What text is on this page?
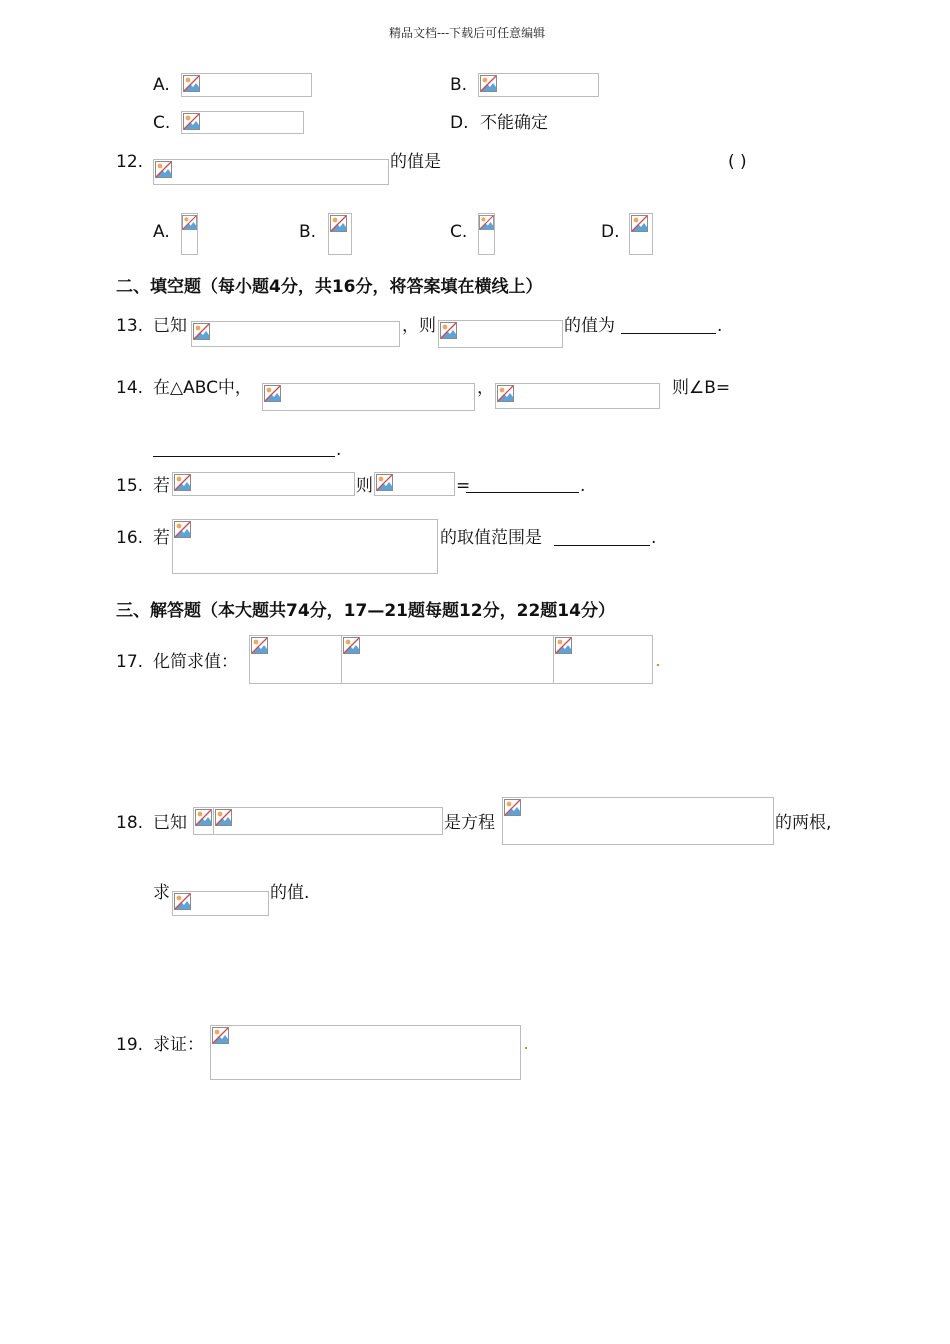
精品文档---下载后可任意编辑
A.	B.
C.	D. 不能确定
12.	的值是	( )
A.	B.	C.	D.
二、填空题（每小题4分，共16分，将答案填在横线上）
13. 已知	，则	的值为	.
14. 在△ABC中，	，	则∠B=
.
15. 若	则	=	.
16. 若	的取值范围是	.
三、解答题（本大题共74分，17—21题每题12分，22题14分）
17. 化简求值：
18. 已知	是方程	的两根,
求	的值.
19. 求证：
